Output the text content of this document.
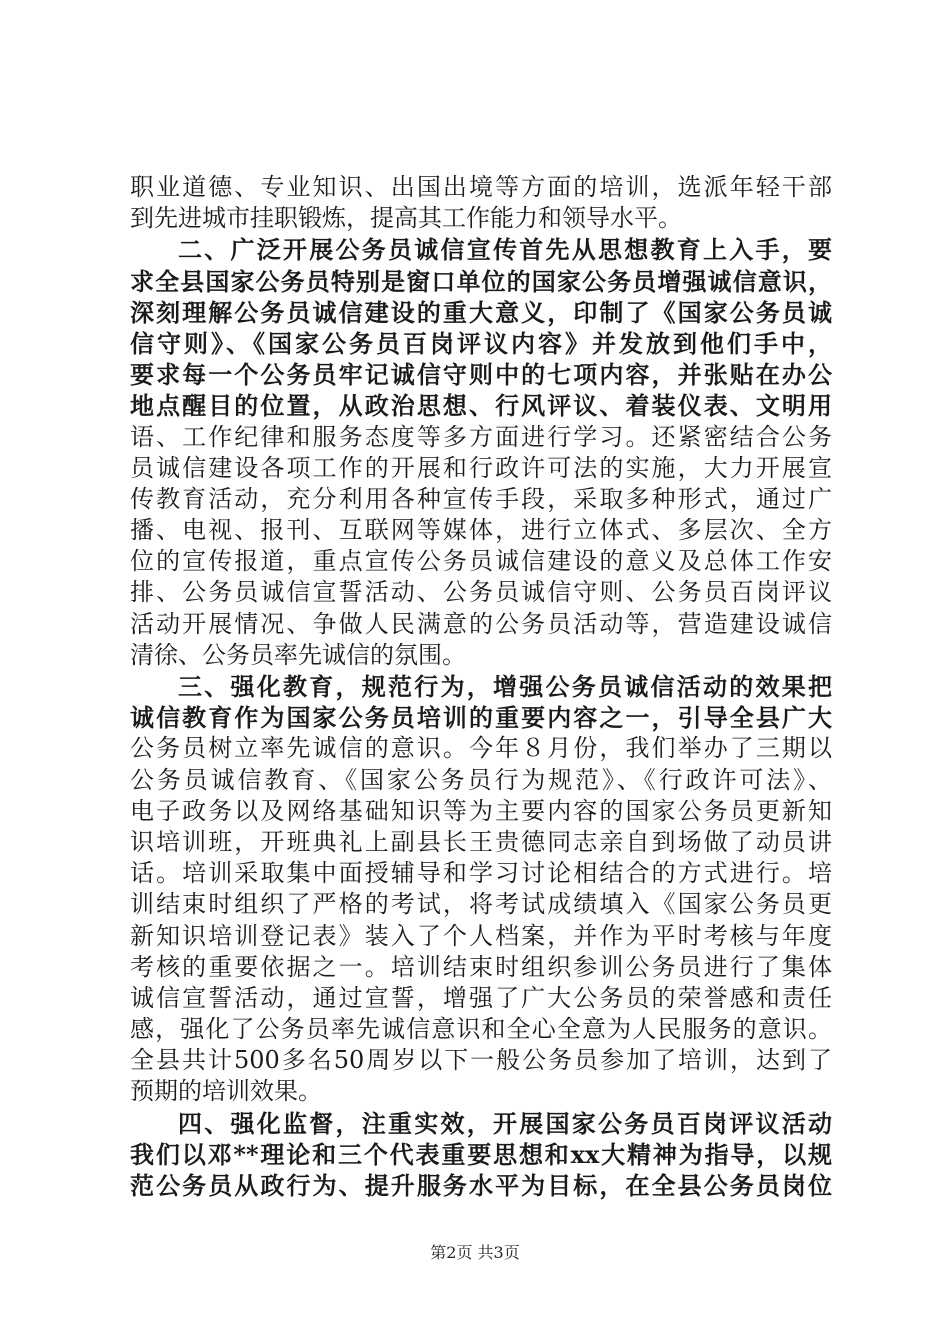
职业道德、专业知识、出国出境等方面的培训，选派年轻干部
到先进城市挂职锻炼，提高其工作能力和领导水平。
二、广泛开展公务员诚信宣传首先从思想教育上入手，要
求全县国家公务员特别是窗口单位的国家公务员增强诚信意识，
深刻理解公务员诚信建设的重大意义，印制了《国家公务员诚
信守则》、《国家公务员百岗评议内容》并发放到他们手中，
要求每一个公务员牢记诚信守则中的七项内容，并张贴在办公
地点醒目的位置，从政治思想、行风评议、着装仪表、文明用
语、工作纪律和服务态度等多方面进行学习。还紧密结合公务
员诚信建设各项工作的开展和行政许可法的实施，大力开展宣
传教育活动，充分利用各种宣传手段，采取多种形式，通过广
播、电视、报刊、互联网等媒体，进行立体式、多层次、全方
位的宣传报道，重点宣传公务员诚信建设的意义及总体工作安
排、公务员诚信宣誓活动、公务员诚信守则、公务员百岗评议
活动开展情况、争做人民满意的公务员活动等，营造建设诚信
清徐、公务员率先诚信的氛围。
三、强化教育，规范行为，增强公务员诚信活动的效果把
诚信教育作为国家公务员培训的重要内容之一，引导全县广大
公务员树立率先诚信的意识。今年８月份，我们举办了三期以
公务员诚信教育、《国家公务员行为规范》、《行政许可法》、
电子政务以及网络基础知识等为主要内容的国家公务员更新知
识培训班，开班典礼上副县长王贵德同志亲自到场做了动员讲
话。培训采取集中面授辅导和学习讨论相结合的方式进行。培
训结束时组织了严格的考试，将考试成绩填入《国家公务员更
新知识培训登记表》装入了个人档案，并作为平时考核与年度
考核的重要依据之一。培训结束时组织参训公务员进行了集体
诚信宣誓活动，通过宣誓，增强了广大公务员的荣誉感和责任
感，强化了公务员率先诚信意识和全心全意为人民服务的意识。
全县共计500多名50周岁以下一般公务员参加了培训，达到了
预期的培训效果。
四、强化监督，注重实效，开展国家公务员百岗评议活动
我们以邓**理论和三个代表重要思想和xx大精神为指导，以规
范公务员从政行为、提升服务水平为目标，在全县公务员岗位
第2页 共3页
